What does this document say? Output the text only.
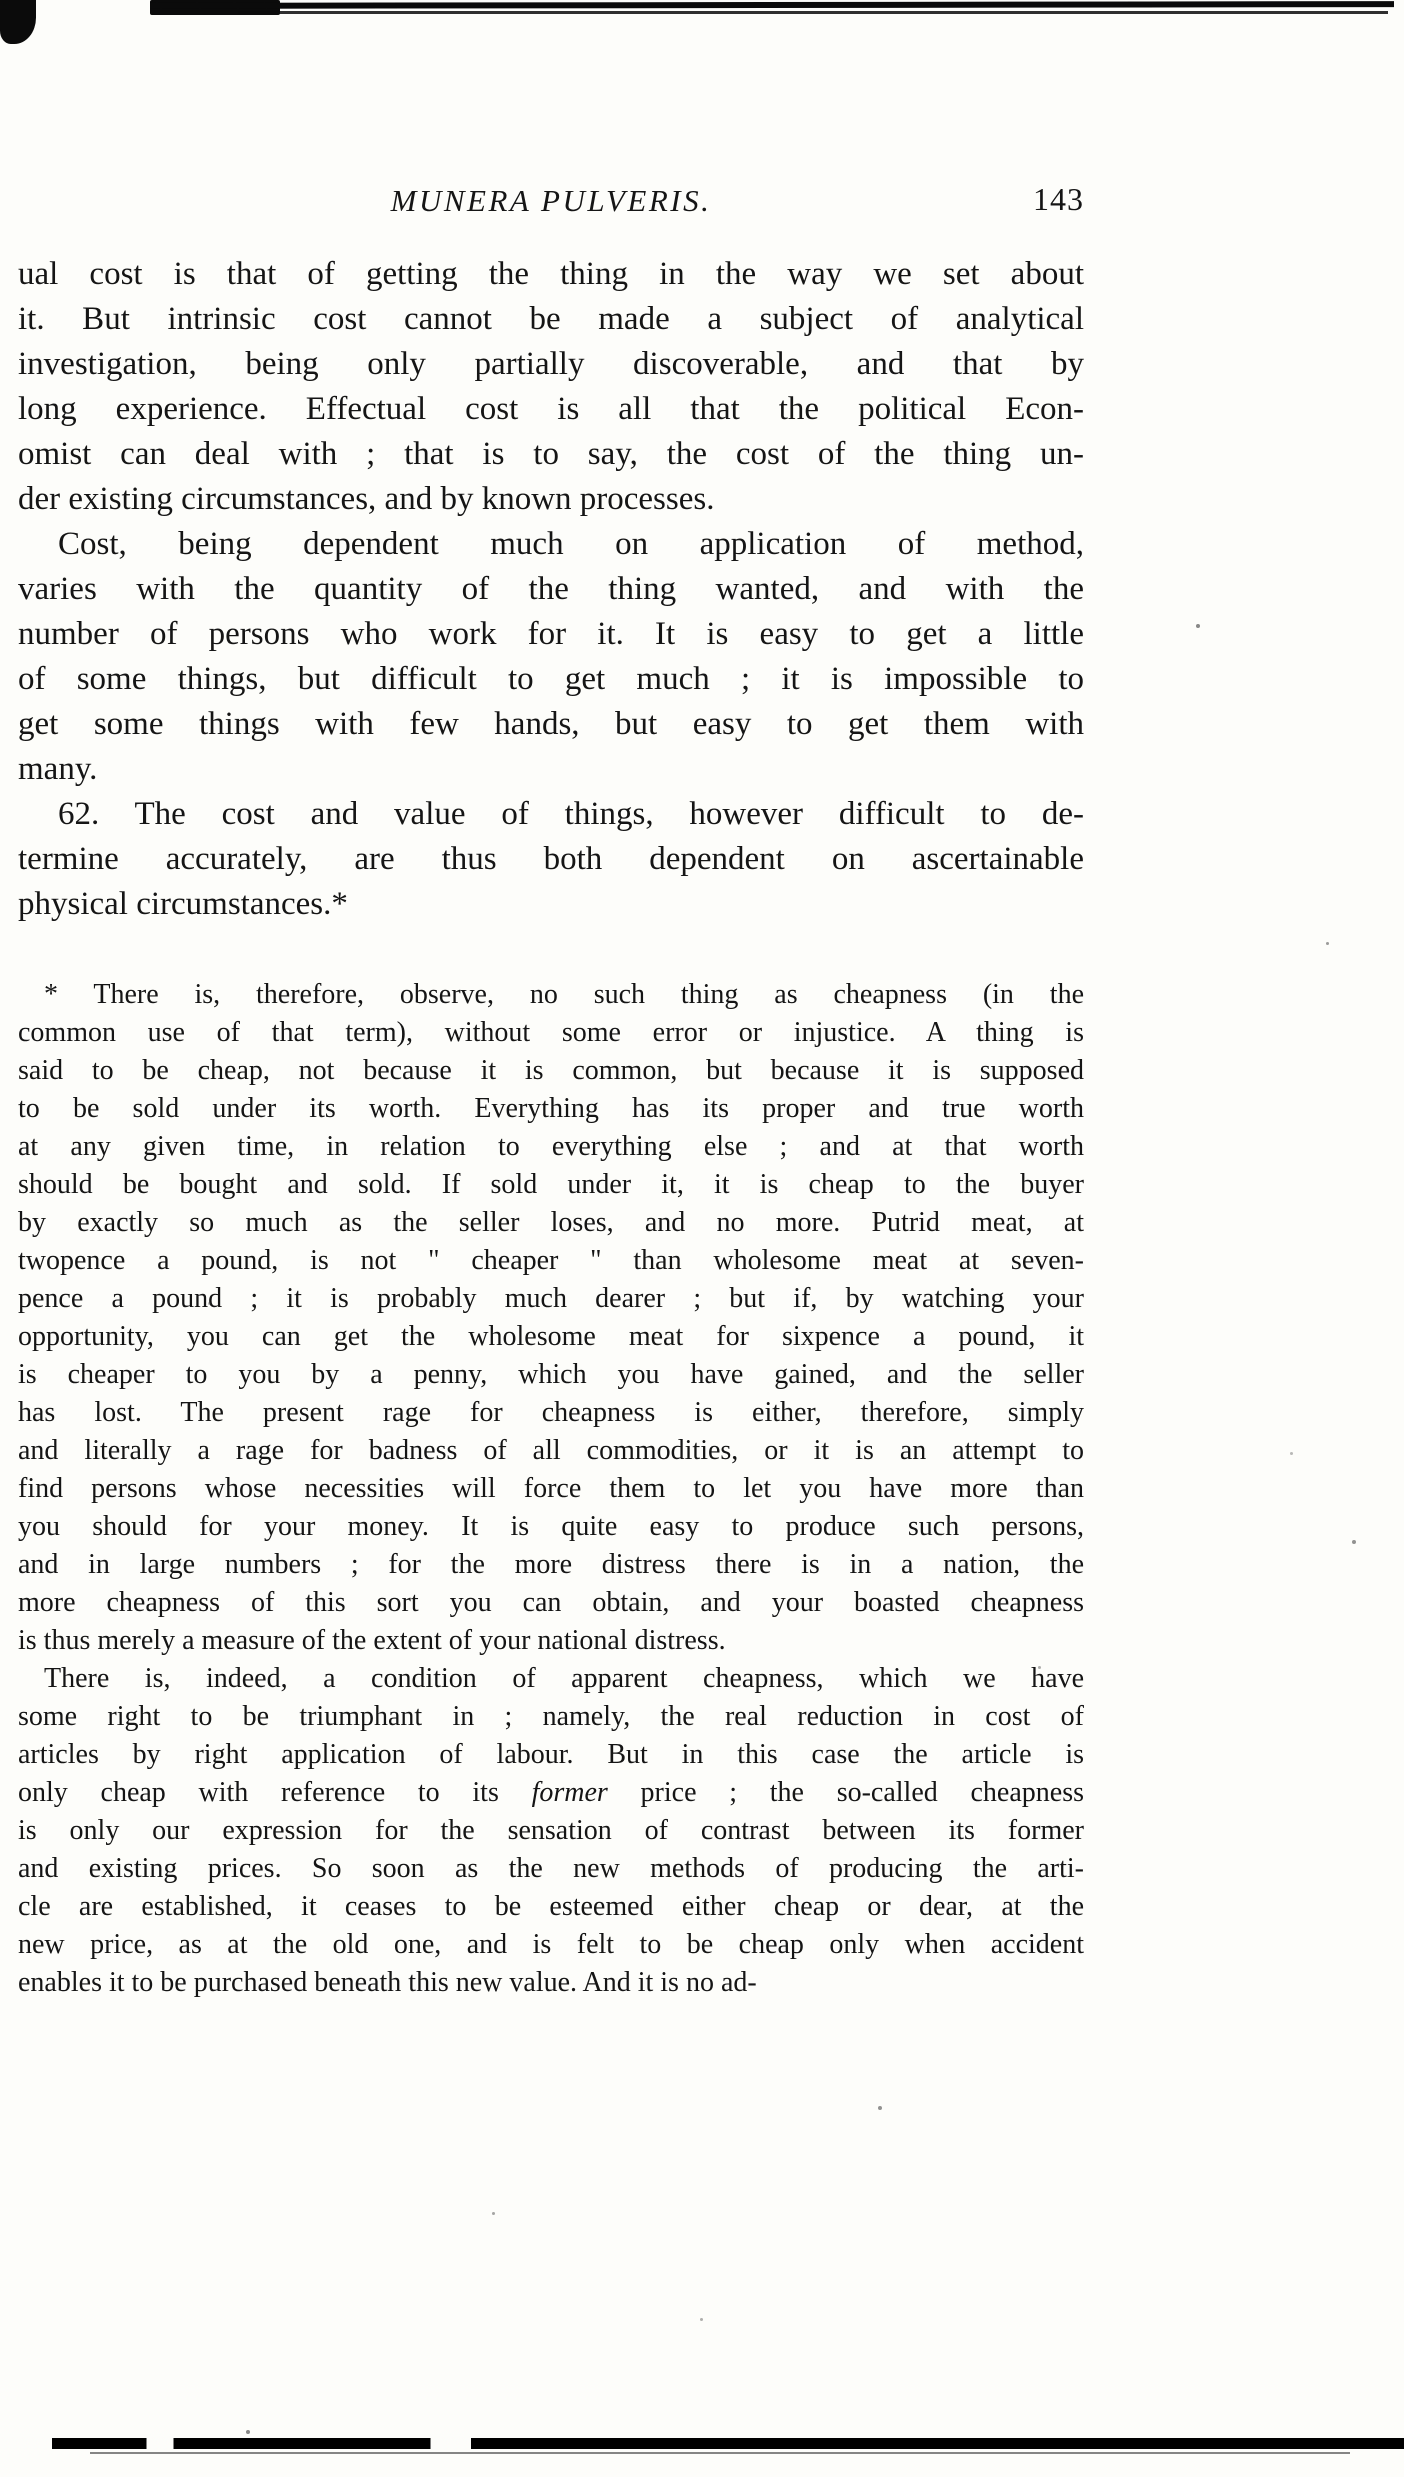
MUNERA PULVERIS.	143
ual cost is that of getting the thing in the way we set about
it. But intrinsic cost cannot be made a subject of analytical
investigation, being only partially discoverable, and that by
long experience. Effectual cost is all that the political Econ-
omist can deal with ; that is to say, the cost of the thing un-
der existing circumstances, and by known processes.
Cost, being dependent much on application of method,
varies with the quantity of the thing wanted, and with the
number of persons who work for it. It is easy to get a little
of some things, but difficult to get much ; it is impossible to
get some things with few hands, but easy to get them with
many.
62. The cost and value of things, however difficult to de-
termine accurately, are thus both dependent on ascertainable
physical circumstances.*
* There is, therefore, observe, no such thing as cheapness (in the
common use of that term), without some error or injustice. A thing is
said to be cheap, not because it is common, but because it is supposed
to be sold under its worth. Everything has its proper and true worth
at any given time, in relation to everything else ; and at that worth
should be bought and sold. If sold under it, it is cheap to the buyer
by exactly so much as the seller loses, and no more. Putrid meat, at
twopence a pound, is not " cheaper " than wholesome meat at seven-
pence a pound ; it is probably much dearer ; but if, by watching your
opportunity, you can get the wholesome meat for sixpence a pound, it
is cheaper to you by a penny, which you have gained, and the seller
has lost. The present rage for cheapness is either, therefore, simply
and literally a rage for badness of all commodities, or it is an attempt to
find persons whose necessities will force them to let you have more than
you should for your money. It is quite easy to produce such persons,
and in large numbers ; for the more distress there is in a nation, the
more cheapness of this sort you can obtain, and your boasted cheapness
is thus merely a measure of the extent of your national distress.
There is, indeed, a condition of apparent cheapness, which we have
some right to be triumphant in ; namely, the real reduction in cost of
articles by right application of labour. But in this case the article is
only cheap with reference to its former price ; the so-called cheapness
is only our expression for the sensation of contrast between its former
and existing prices. So soon as the new methods of producing the arti-
cle are established, it ceases to be esteemed either cheap or dear, at the
new price, as at the old one, and is felt to be cheap only when accident
enables it to be purchased beneath this new value. And it is no ad-
